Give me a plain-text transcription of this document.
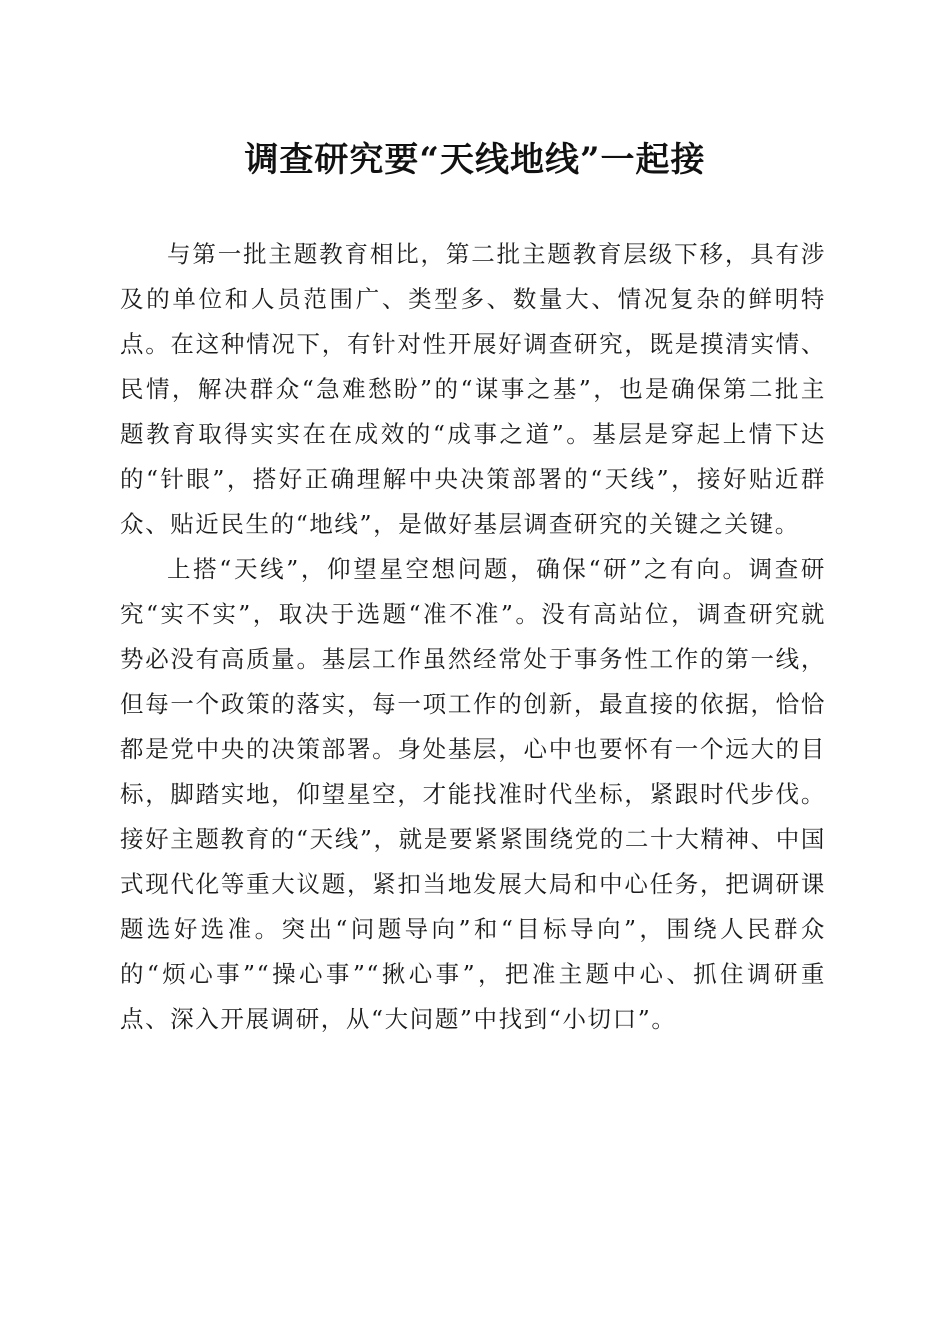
调查研究要“天线地线”一起接

与第一批主题教育相比，第二批主题教育层级下移，具有涉及的单位和人员范围广、类型多、数量大、情况复杂的鲜明特点。在这种情况下，有针对性开展好调查研究，既是摸清实情、民情，解决群众“急难愁盼”的“谋事之基”，也是确保第二批主题教育取得实实在在成效的“成事之道”。基层是穿起上情下达的“针眼”，搭好正确理解中央决策部署的“天线”，接好贴近群众、贴近民生的“地线”，是做好基层调查研究的关键之关键。

上搭“天线”，仰望星空想问题，确保“研”之有向。调查研究“实不实”，取决于选题“准不准”。没有高站位，调查研究就势必没有高质量。基层工作虽然经常处于事务性工作的第一线，但每一个政策的落实，每一项工作的创新，最直接的依据，恰恰都是党中央的决策部署。身处基层，心中也要怀有一个远大的目标，脚踏实地，仰望星空，才能找准时代坐标，紧跟时代步伐。接好主题教育的“天线”，就是要紧紧围绕党的二十大精神、中国式现代化等重大议题，紧扣当地发展大局和中心任务，把调研课题选好选准。突出“问题导向”和“目标导向”，围绕人民群众的“烦心事”“操心事”“揪心事”，把准主题中心、抓住调研重点、深入开展调研，从“大问题”中找到“小切口”。
